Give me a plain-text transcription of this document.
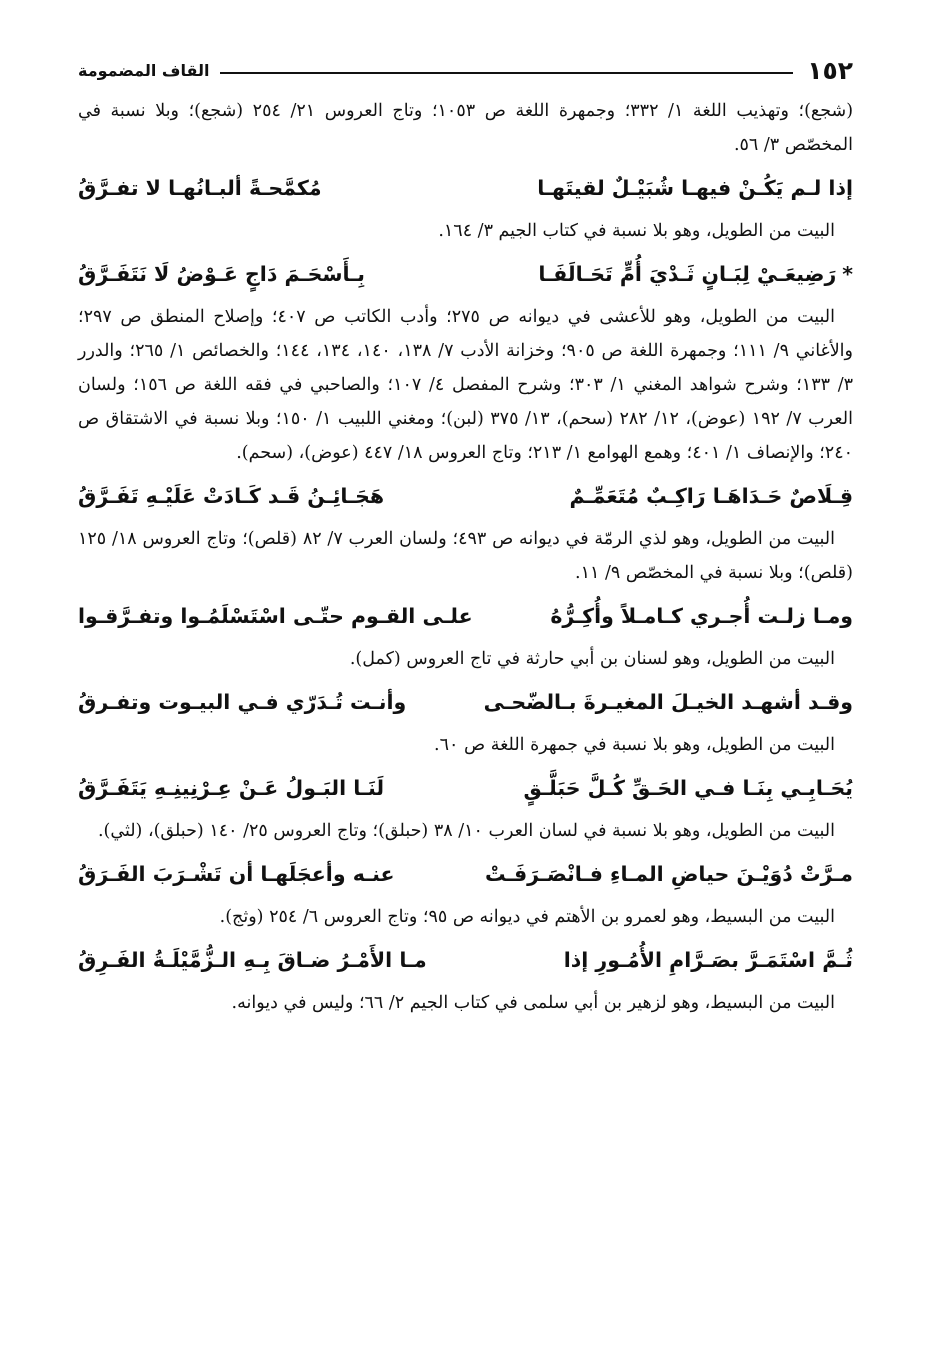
١٥٢
القاف المضمومة

(شجع)؛ وتهذيب اللغة ١/ ٣٣٢؛ وجمهرة اللغة ص ١٠٥٣؛ وتاج العروس ٢١/ ٢٥٤ (شجع)؛ وبلا نسبة في المخصّص ٣/ ٥٦.

إذا لـم يَكُـنْ فيهـا شُبَيْـلٌ لقيتَهـا
مُكمَّحـةً ألبـانُهـا لا تفـرَّقُ

البيت من الطويل، وهو بلا نسبة في كتاب الجيم ٣/ ١٦٤.

*رَضِيعَـيْ لِبَـانٍ ثَـدْيَ أُمٍّ تَحَـالَفَـا
بِـأَسْحَـمَ دَاجٍ عَـوْضُ لَا نَتَفَـرَّقُ

البيت من الطويل، وهو للأعشى في ديوانه ص ٢٧٥؛ وأدب الكاتب ص ٤٠٧؛ وإصلاح المنطق ص ٢٩٧؛ والأغاني ٩/ ١١١؛ وجمهرة اللغة ص ٩٠٥؛ وخزانة الأدب ٧/ ١٣٨، ١٤٠، ١٣٤، ١٤٤؛ والخصائص ١/ ٢٦٥؛ والدرر ٣/ ١٣٣؛ وشرح شواهد المغني ١/ ٣٠٣؛ وشرح المفصل ٤/ ١٠٧؛ والصاحبي في فقه اللغة ص ١٥٦؛ ولسان العرب ٧/ ١٩٢ (عوض)، ١٢/ ٢٨٢ (سحم)، ١٣/ ٣٧٥ (لبن)؛ ومغني اللبيب ١/ ١٥٠؛ وبلا نسبة في الاشتقاق ص ٢٤٠؛ والإنصاف ١/ ٤٠١؛ وهمع الهوامع ١/ ٢١٣؛ وتاج العروس ١٨/ ٤٤٧ (عوض)، (سحم).

قِـلَاصٌ حَـدَاهَـا رَاكِـبٌ مُتَعَمِّـمٌ
هَجَـائِـنُ قَـد كَـادَتْ عَلَيْـهِ تَفَـرَّقُ

البيت من الطويل، وهو لذي الرمّة في ديوانه ص ٤٩٣؛ ولسان العرب ٧/ ٨٢ (قلص)؛ وتاج العروس ١٨/ ١٢٥ (قلص)؛ وبلا نسبة في المخصّص ٩/ ١١.

ومـا زلـت أُجـري كـامـلاً وأُكِـرُّهُ
علـى القـوم حتّـى اسْتَسْلَمُـوا وتفـرَّقـوا

البيت من الطويل، وهو لسنان بن أبي حارثة في تاج العروس (كمل).

وقـد أشهـد الخيـلَ المغيـرةَ بـالضّحـى
وأنـت تُـدَرّي فـي البيـوت وتفـرقُ

البيت من الطويل، وهو بلا نسبة في جمهرة اللغة ص ٦٠.

يُحَـابِـي بِنَـا فـي الحَـقِّ كُـلَّ حَبَلَّـقٍ
لَنَـا البَـولُ عَـنْ عِـرْنِينِـهِ يَتَفَـرَّقُ

البيت من الطويل، وهو بلا نسبة في لسان العرب ١٠/ ٣٨ (حبلق)؛ وتاج العروس ٢٥/ ١٤٠ (حبلق)، (لثي).

مـرَّتْ دُوَيْـنَ حياضِ المـاءِ فـانْصَـرَفَـتْ
عنـه وأعجَلَهـا أن تَشْـرَبَ الفَـرَقُ

البيت من البسيط، وهو لعمرو بن الأهتم في ديوانه ص ٩٥؛ وتاج العروس ٦/ ٢٥٤ (وثج).

ثُـمَّ اسْتَمَـرَّ بصَـرَّامِ الأُمُـورِ إذا
مـا الأَمْـرُ ضـاقَ بِـهِ الـزُّمَّيْلَـةُ الفَـرِقُ

البيت من البسيط، وهو لزهير بن أبي سلمى في كتاب الجيم ٢/ ٦٦؛ وليس في ديوانه.
